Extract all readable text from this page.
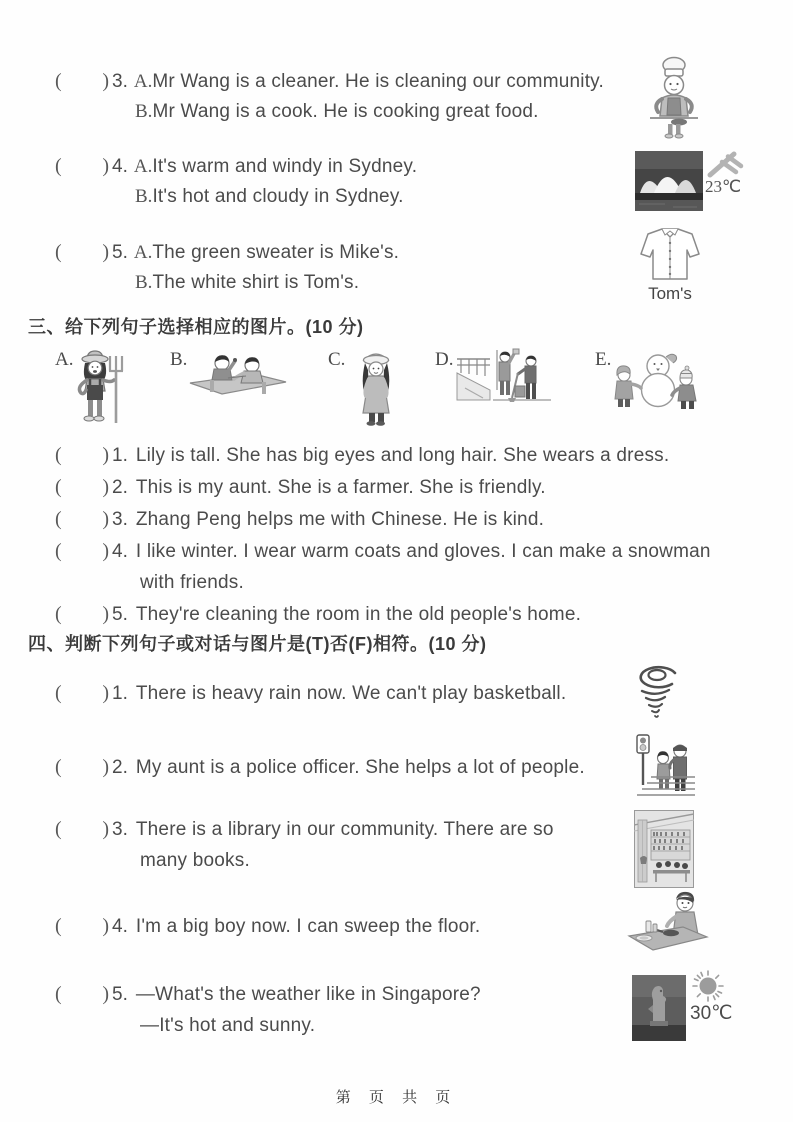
( ) 3. A. Mr Wang is a cleaner. He is cleaning our community.
B. Mr Wang is a cook. He is cooking great food.
( ) 4. A. It's warm and windy in Sydney.
B. It's hot and cloudy in Sydney.	23℃
( ) 5. A. The green sweater is Mike's.
B. The white shirt is Tom's.
Tom's
三、给下列句子选择相应的图片。(10 分)
A.	B.	C.	D.	E.
( ) 1. Lily is tall. She has big eyes and long hair. She wears a dress.
( ) 2. This is my aunt. She is a farmer. She is friendly.
( ) 3. Zhang Peng helps me with Chinese. He is kind.
( ) 4. I like winter. I wear warm coats and gloves. I can make a snowman
with friends.
( ) 5. They're cleaning the room in the old people's home.
四、判断下列句子或对话与图片是(T)否(F)相符。(10 分)
( ) 1. There is heavy rain now. We can't play basketball.
( ) 2. My aunt is a police officer. She helps a lot of people.
( ) 3. There is a library in our community. There are so
many books.
( ) 4. I'm a big boy now. I can sweep the floor.
( ) 5. —What's the weather like in Singapore?
—It's hot and sunny.
30℃
第 页 共 页
